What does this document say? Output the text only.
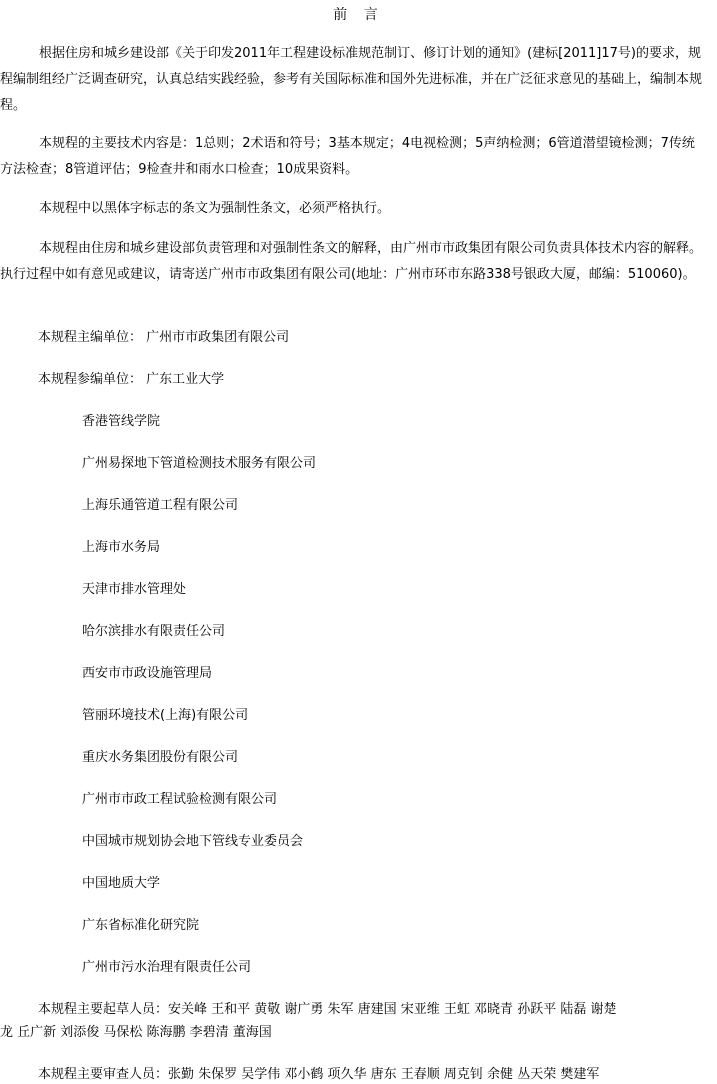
前 言
根据住房和城乡建设部《关于印发2011年工程建设标准规范制订、修订计划的通知》(建标[2011]17号)的要求，规程编制组经广泛调查研究，认真总结实践经验，参考有关国际标准和国外先进标准，并在广泛征求意见的基础上，编制本规程。
本规程的主要技术内容是：1总则；2术语和符号；3基本规定；4电视检测；5声纳检测；6管道潜望镜检测；7传统方法检查；8管道评估；9检查井和雨水口检查；10成果资料。
本规程中以黑体字标志的条文为强制性条文，必须严格执行。
本规程由住房和城乡建设部负责管理和对强制性条文的解释，由广州市市政集团有限公司负责具体技术内容的解释。执行过程中如有意见或建议，请寄送广州市市政集团有限公司(地址：广州市环市东路338号银政大厦，邮编：510060)。
本规程主编单位： 广州市市政集团有限公司
本规程参编单位： 广东工业大学
香港管线学院
广州易探地下管道检测技术服务有限公司
上海乐通管道工程有限公司
上海市水务局
天津市排水管理处
哈尔滨排水有限责任公司
西安市市政设施管理局
管丽环境技术(上海)有限公司
重庆水务集团股份有限公司
广州市市政工程试验检测有限公司
中国城市规划协会地下管线专业委员会
中国地质大学
广东省标准化研究院
广州市污水治理有限责任公司
本规程主要起草人员：安关峰 王和平 黄敬 谢广勇 朱军 唐建国 宋亚维 王虹 邓晓青 孙跃平 陆磊 谢楚
龙 丘广新 刘添俊 马保松 陈海鹏 李碧清 董海国
本规程主要审查人员：张勤 朱保罗 吴学伟 邓小鹤 项久华 唐东 王春顺 周克钊 余健 丛天荣 樊建军
